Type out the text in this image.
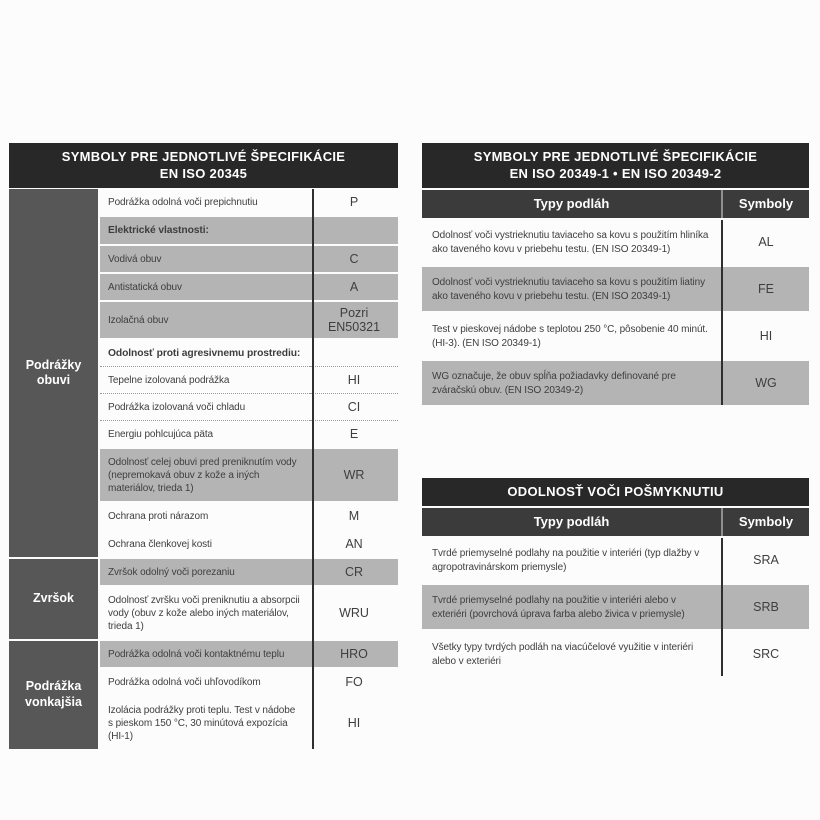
SYMBOLY PRE JEDNOTLIVÉ ŠPECIFIKÁCIE
EN ISO 20345
Podrážky obuvi	Podrážka odolná voči prepichnutiu	P
	Elektrické vlastnosti:	
	Vodivá obuv	C
	Antistatická obuv	A
	Izolačná obuv	Pozri EN50321
	Odolnosť proti agresivnemu prostrediu:	
	Tepelne izolovaná podrážka	HI
	Podrážka izolovaná voči chladu	CI
	Energiu pohlcujúca päta	E
	Odolnosť celej obuvi pred preniknutím vody (nepremokavá obuv z kože a iných materiálov, trieda 1)	WR
	Ochrana proti nárazom	M
	Ochrana členkovej kosti	AN
Zvršok	Zvršok odolný voči porezaniu	CR
	Odolnosť zvršku voči preniknutiu a absorpcii vody (obuv z kože alebo iných materiálov, trieda 1)	WRU
Podrážka vonkajšia	Podrážka odolná voči kontaktnému teplu	HRO
	Podrážka odolná voči uhľovodíkom	FO
	Izolácia podrážky proti teplu. Test v nádobe s pieskom 150 °C, 30 minútová expozícia (HI-1)	HI
SYMBOLY PRE JEDNOTLIVÉ ŠPECIFIKÁCIE
EN ISO 20349-1 • EN ISO 20349-2
Typy podláh	Symboly
Odolnosť voči vystrieknutiu taviaceho sa kovu s použitím hliníka ako taveného kovu v priebehu testu. (EN ISO 20349-1)	AL
Odolnosť voči vystrieknutiu taviaceho sa kovu s použitím liatiny ako taveného kovu v priebehu testu. (EN ISO 20349-1)	FE
Test v pieskovej nádobe s teplotou 250 °C, pôsobenie 40 minút. (HI-3). (EN ISO 20349-1)	HI
WG označuje, že obuv spĺňa požiadavky definované pre zváračskú obuv. (EN ISO 20349-2)	WG
ODOLNOSŤ VOČI POŠMYKNUTIU
Typy podláh	Symboly
Tvrdé priemyselné podlahy na použitie v interiéri (typ dlažby v agropotravinárskom priemysle)	SRA
Tvrdé priemyselné podlahy na použitie v interiéri alebo v exteriéri (povrchová úprava farba alebo živica v priemysle)	SRB
Všetky typy tvrdých podláh na viacúčelové využitie v interiéri alebo v exteriéri	SRC
